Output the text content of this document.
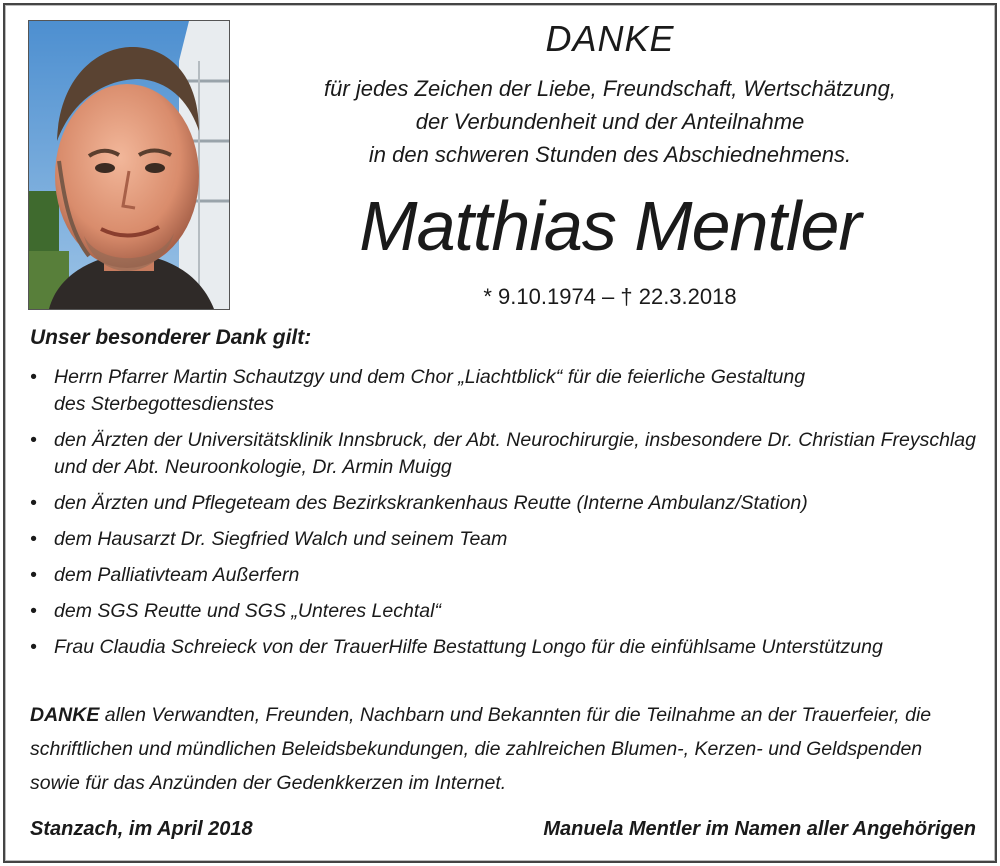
DANKE
für jedes Zeichen der Liebe, Freundschaft, Wertschätzung,
der Verbundenheit und der Anteilnahme
in den schweren Stunden des Abschiednehmens.
Matthias Mentler
* 9.10.1974 – † 22.3.2018
Unser besonderer Dank gilt:
• Herrn Pfarrer Martin Schautzgy und dem Chor „Liachtblick“ für die feierliche Gestaltung
des Sterbegottesdienstes
• den Ärzten der Universitätsklinik Innsbruck, der Abt. Neurochirurgie, insbesondere Dr. Christian Freyschlag
und der Abt. Neuroonkologie, Dr. Armin Muigg
• den Ärzten und Pflegeteam des Bezirkskrankenhaus Reutte (Interne Ambulanz/Station)
• dem Hausarzt Dr. Siegfried Walch und seinem Team
• dem Palliativteam Außerfern
• dem SGS Reutte und SGS „Unteres Lechtal“
• Frau Claudia Schreieck von der TrauerHilfe Bestattung Longo für die einfühlsame Unterstützung
DANKE allen Verwandten, Freunden, Nachbarn und Bekannten für die Teilnahme an der Trauerfeier, die
schriftlichen und mündlichen Beleidsbekundungen, die zahlreichen Blumen-, Kerzen- und Geldspenden
sowie für das Anzünden der Gedenkkerzen im Internet.
Stanzach, im April 2018	Manuela Mentler im Namen aller Angehörigen
